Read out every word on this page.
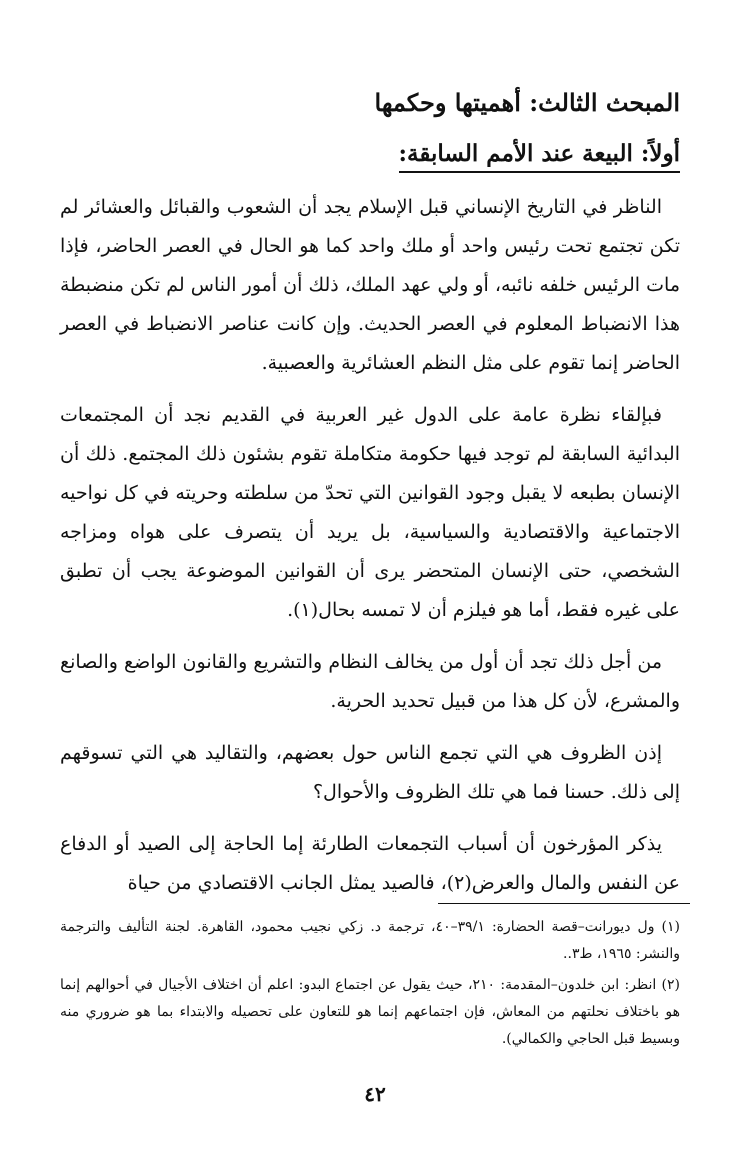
المبحث الثالث: أهميتها وحكمها
أولاً: البيعة عند الأمم السابقة:

الناظر في التاريخ الإنساني قبل الإسلام يجد أن الشعوب والقبائل والعشائر لم تكن تجتمع تحت رئيس واحد أو ملك واحد كما هو الحال في العصر الحاضر، فإذا مات الرئيس خلفه نائبه، أو ولي عهد الملك، ذلك أن أمور الناس لم تكن منضبطة هذا الانضباط المعلوم في العصر الحديث. وإن كانت عناصر الانضباط في العصر الحاضر إنما تقوم على مثل النظم العشائرية والعصبية.

فبإلقاء نظرة عامة على الدول غير العربية في القديم نجد أن المجتمعات البدائية السابقة لم توجد فيها حكومة متكاملة تقوم بشئون ذلك المجتمع. ذلك أن الإنسان بطبعه لا يقبل وجود القوانين التي تحدّ من سلطته وحريته في كل نواحيه الاجتماعية والاقتصادية والسياسية، بل يريد أن يتصرف على هواه ومزاجه الشخصي، حتى الإنسان المتحضر يرى أن القوانين الموضوعة يجب أن تطبق على غيره فقط، أما هو فيلزم أن لا تمسه بحال(١).

من أجل ذلك تجد أن أول من يخالف النظام والتشريع والقانون الواضع والصانع والمشرع، لأن كل هذا من قبيل تحديد الحرية.

إذن الظروف هي التي تجمع الناس حول بعضهم، والتقاليد هي التي تسوقهم إلى ذلك. حسنا فما هي تلك الظروف والأحوال؟

يذكر المؤرخون أن أسباب التجمعات الطارئة إما الحاجة إلى الصيد أو الدفاع عن النفس والمال والعرض(٢)، فالصيد يمثل الجانب الاقتصادي من حياة

(١) ول ديورانت–قصة الحضارة: ٣٩/١–٤٠، ترجمة د. زكي نجيب محمود، القاهرة. لجنة التأليف والترجمة والنشر: ١٩٦٥، ط٣..

(٢) انظر: ابن خلدون–المقدمة: ٢١٠، حيث يقول عن اجتماع البدو: اعلم أن اختلاف الأجيال في أحوالهم إنما هو باختلاف نحلتهم من المعاش، فإن اجتماعهم إنما هو للتعاون على تحصيله والابتداء بما هو ضروري منه وبسيط قبل الحاجي والكمالي).

٤٢
